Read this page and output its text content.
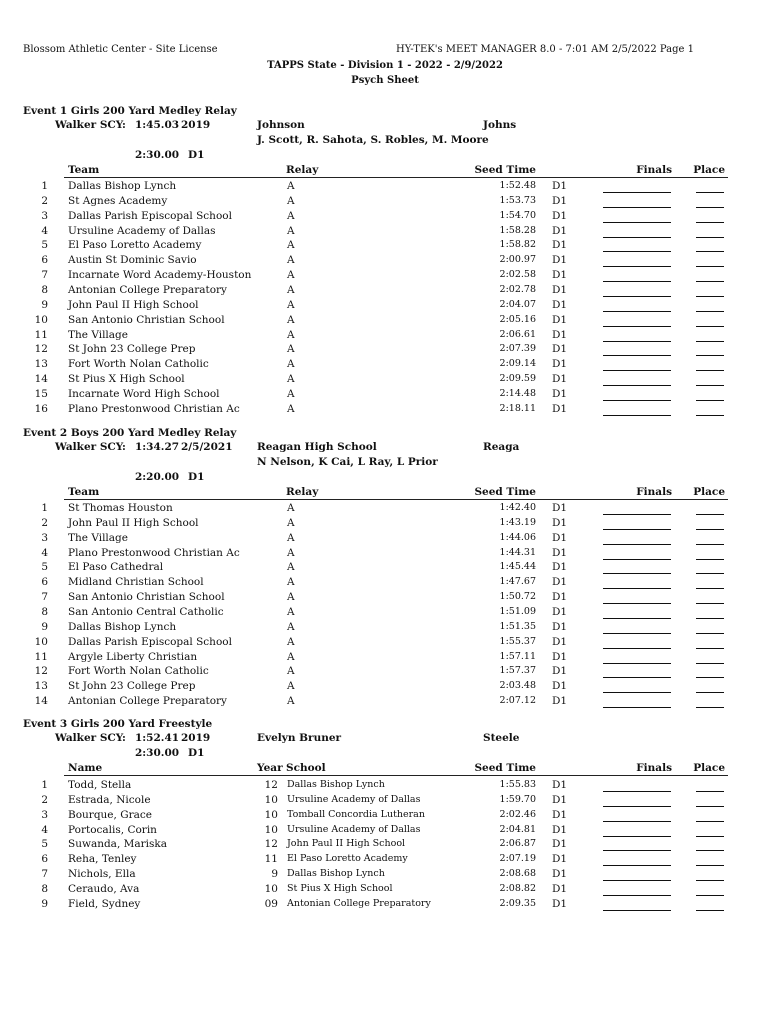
Blossom Athletic Center - Site License	HY-TEK's MEET MANAGER 8.0 - 7:01 AM 2/5/2022 Page 1
TAPPS State - Division 1 - 2022 - 2/9/2022
Psych Sheet
Event 1 Girls 200 Yard Medley Relay
Walker SCY: 1:45.03 2019	Johnson	Johns
J. Scott, R. Sahota, S. Robles, M. Moore
2:30.00 D1
Team	Relay	Seed Time	Finals Place
1 Dallas Bishop Lynch	A	1:52.48 D1
2 St Agnes Academy	A	1:53.73 D1
3 Dallas Parish Episcopal School	A	1:54.70 D1
4 Ursuline Academy of Dallas	A	1:58.28 D1
5 El Paso Loretto Academy	A	1:58.82 D1
6 Austin St Dominic Savio	A	2:00.97 D1
7 Incarnate Word Academy-Houston	A	2:02.58 D1
8 Antonian College Preparatory	A	2:02.78 D1
9 John Paul II High School	A	2:04.07 D1
10 San Antonio Christian School	A	2:05.16 D1
11 The Village	A	2:06.61 D1
12 St John 23 College Prep	A	2:07.39 D1
13 Fort Worth Nolan Catholic	A	2:09.14 D1
14 St Pius X High School	A	2:09.59 D1
15 Incarnate Word High School	A	2:14.48 D1
16 Plano Prestonwood Christian Ac	A	2:18.11 D1
Event 2 Boys 200 Yard Medley Relay
Walker SCY: 1:34.27 2/5/2021 Reagan High School	Reaga
N Nelson, K Cai, L Ray, L Prior
2:20.00 D1
Team	Relay	Seed Time	Finals Place
1 St Thomas Houston	A	1:42.40 D1
2 John Paul II High School	A	1:43.19 D1
3 The Village	A	1:44.06 D1
4 Plano Prestonwood Christian Ac	A	1:44.31 D1
5 El Paso Cathedral	A	1:45.44 D1
6 Midland Christian School	A	1:47.67 D1
7 San Antonio Christian School	A	1:50.72 D1
8 San Antonio Central Catholic	A	1:51.09 D1
9 Dallas Bishop Lynch	A	1:51.35 D1
10 Dallas Parish Episcopal School	A	1:55.37 D1
11 Argyle Liberty Christian	A	1:57.11 D1
12 Fort Worth Nolan Catholic	A	1:57.37 D1
13 St John 23 College Prep	A	2:03.48 D1
14 Antonian College Preparatory	A	2:07.12 D1
Event 3 Girls 200 Yard Freestyle
Walker SCY: 1:52.41 2019	Evelyn Bruner	Steele
2:30.00 D1
Name	Year School	Seed Time	Finals Place
1 Todd, Stella	12 Dallas Bishop Lynch	1:55.83 D1
2 Estrada, Nicole	10 Ursuline Academy of Dallas	1:59.70 D1
3 Bourque, Grace	10 Tomball Concordia Lutheran	2:02.46 D1
4 Portocalis, Corin	10 Ursuline Academy of Dallas	2:04.81 D1
5 Suwanda, Mariska	12 John Paul II High School	2:06.87 D1
6 Reha, Tenley	11 El Paso Loretto Academy	2:07.19 D1
7 Nichols, Ella	9 Dallas Bishop Lynch	2:08.68 D1
8 Ceraudo, Ava	10 St Pius X High School	2:08.82 D1
9 Field, Sydney	09 Antonian College Preparatory	2:09.35 D1
